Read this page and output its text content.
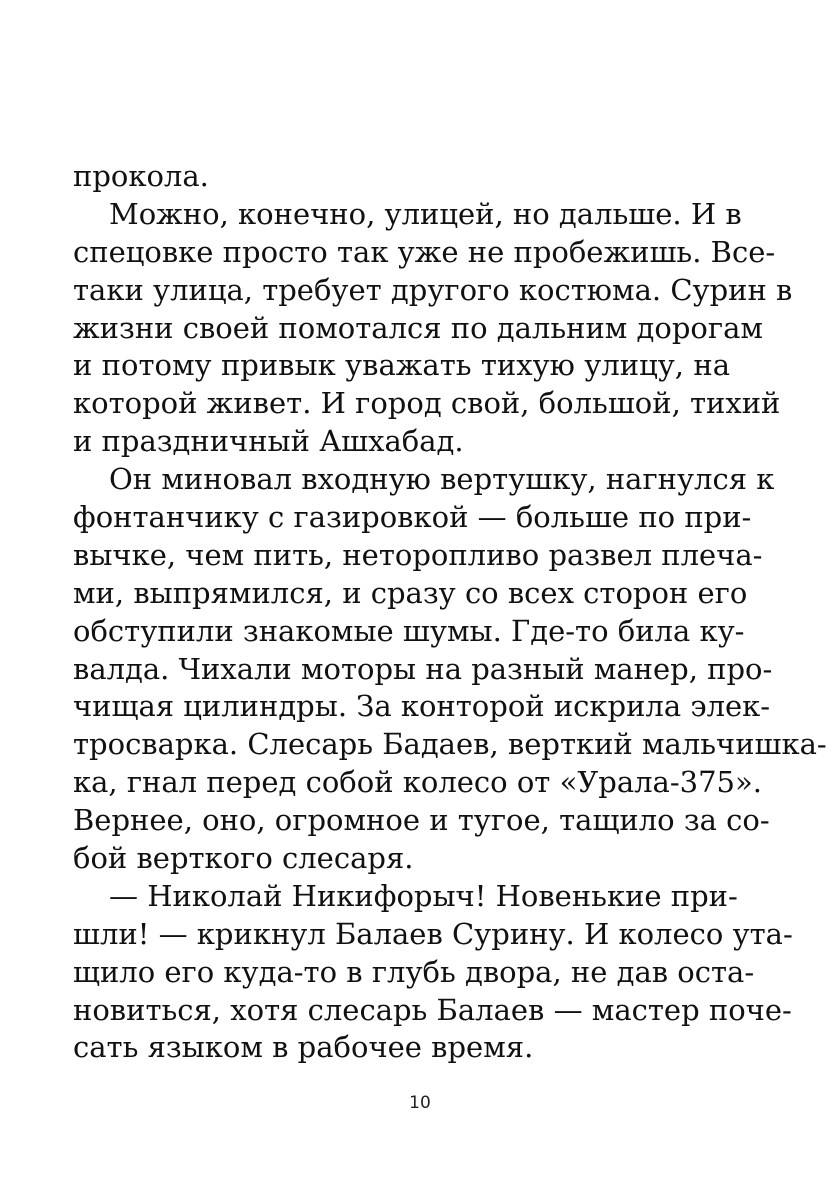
прокола.
Можно, конечно, улицей, но дальше. И в
спецовке просто так уже не пробежишь. Все-
таки улица, требует другого костюма. Сурин в
жизни своей помотался по дальним дорогам
и потому привык уважать тихую улицу, на
которой живет. И город свой, большой, тихий
и праздничный Ашхабад.
Он миновал входную вертушку, нагнулся к
фонтанчику с газировкой — больше по при-
вычке, чем пить, неторопливо развел плеча-
ми, выпрямился, и сразу со всех сторон его
обступили знакомые шумы. Где-то била ку-
валда. Чихали моторы на разный манер, про-
чищая цилиндры. За конторой искрила элек-
тросварка. Слесарь Бадаев, верткий мальчишка-
ка, гнал перед собой колесо от «Урала-375».
Вернее, оно, огромное и тугое, тащило за со-
бой верткого слесаря.
— Николай Никифорыч! Новенькие при-
шли! — крикнул Балаев Сурину. И колесо ута-
щило его куда-то в глубь двора, не дав оста-
новиться, хотя слесарь Балаев — мастер поче-
сать языком в рабочее время.
10
